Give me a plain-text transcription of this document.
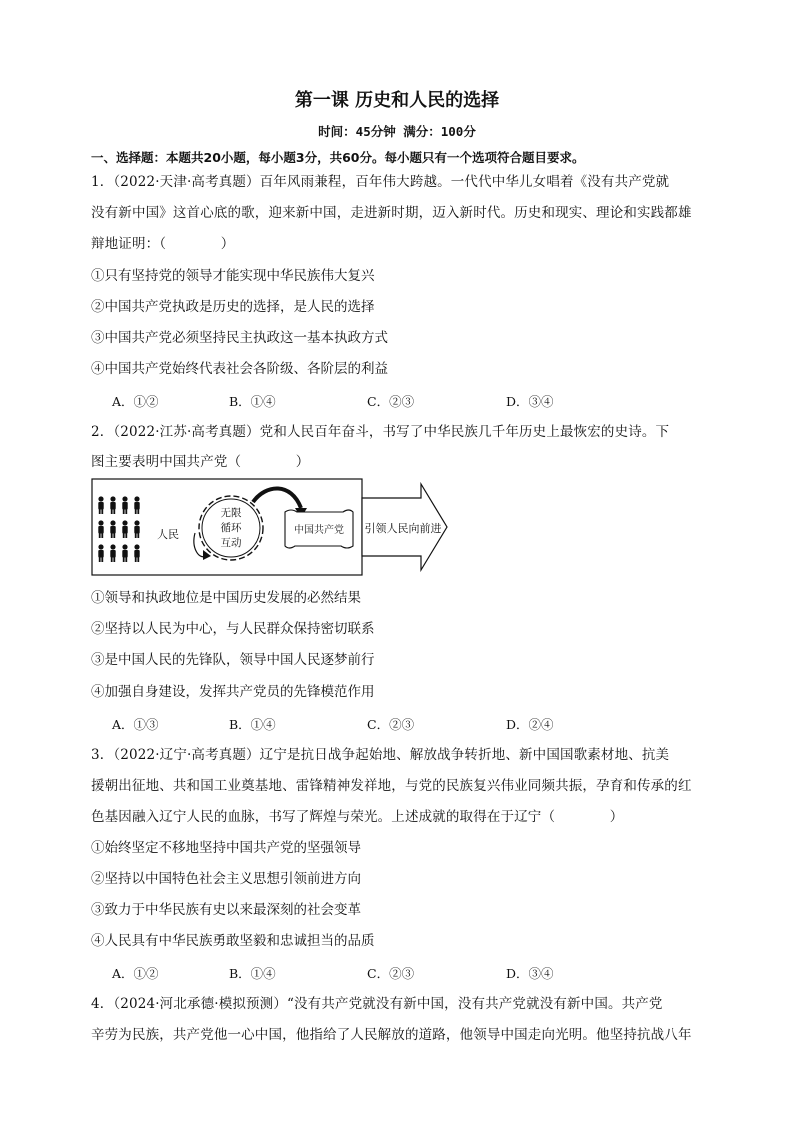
第一课 历史和人民的选择
时间：45分钟 满分：100分
一、选择题：本题共20小题，每小题3分，共60分。每小题只有一个选项符合题目要求。
1．（2022·天津·高考真题）百年风雨兼程，百年伟大跨越。一代代中华儿女唱着《没有共产党就
没有新中国》这首心底的歌，迎来新中国，走进新时期，迈入新时代。历史和现实、理论和实践都雄
辩地证明：（　　　　）
①只有坚持党的领导才能实现中华民族伟大复兴
②中国共产党执政是历史的选择，是人民的选择
③中国共产党必须坚持民主执政这一基本执政方式
④中国共产党始终代表社会各阶级、各阶层的利益
A．①②	B．①④	C．②③	D．③④
2．（2022·江苏·高考真题）党和人民百年奋斗，书写了中华民族几千年历史上最恢宏的史诗。下
图主要表明中国共产党（　　　　）
人民
无限
循环
互动
中国共产党 引领人民向前进
①领导和执政地位是中国历史发展的必然结果
②坚持以人民为中心，与人民群众保持密切联系
③是中国人民的先锋队，领导中国人民逐梦前行
④加强自身建设，发挥共产党员的先锋模范作用
A．①③	B．①④	C．②③	D．②④
3．（2022·辽宁·高考真题）辽宁是抗日战争起始地、解放战争转折地、新中国国歌素材地、抗美
援朝出征地、共和国工业奠基地、雷锋精神发祥地，与党的民族复兴伟业同频共振，孕育和传承的红
色基因融入辽宁人民的血脉，书写了辉煌与荣光。上述成就的取得在于辽宁（　　　　）
①始终坚定不移地坚持中国共产党的坚强领导
②坚持以中国特色社会主义思想引领前进方向
③致力于中华民族有史以来最深刻的社会变革
④人民具有中华民族勇敢坚毅和忠诚担当的品质
A．①②	B．①④	C．②③	D．③④
4．（2024·河北承德·模拟预测）“没有共产党就没有新中国，没有共产党就没有新中国。共产党
辛劳为民族，共产党他一心中国，他指给了人民解放的道路，他领导中国走向光明。他坚持抗战八年
